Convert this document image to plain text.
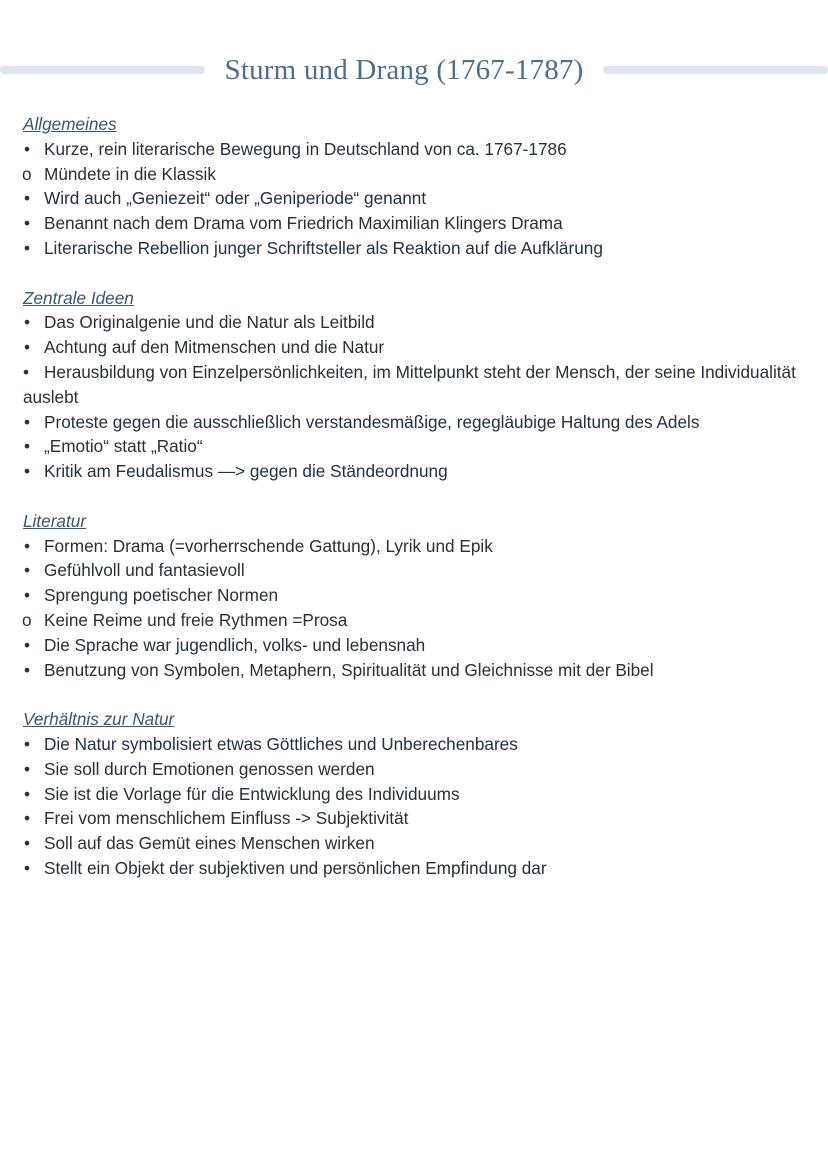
Sturm und Drang (1767-1787)
Allgemeines
• Kurze, rein literarische Bewegung in Deutschland von ca. 1767-1786
o Mündete in die Klassik
• Wird auch „Geniezeit“ oder „Geniperiode“ genannt
• Benannt nach dem Drama vom Friedrich Maximilian Klingers Drama
• Literarische Rebellion junger Schriftsteller als Reaktion auf die Aufklärung
Zentrale Ideen
• Das Originalgenie und die Natur als Leitbild
• Achtung auf den Mitmenschen und die Natur
• Herausbildung von Einzelpersönlichkeiten, im Mittelpunkt steht der Mensch, der seine Individualität auslebt
• Proteste gegen die ausschließlich verstandesmäßige, regegläubige Haltung des Adels
• „Emotio“ statt „Ratio“
• Kritik am Feudalismus —> gegen die Ständeordnung
Literatur
• Formen: Drama (=vorherrschende Gattung), Lyrik und Epik
• Gefühlvoll und fantasievoll
• Sprengung poetischer Normen
o Keine Reime und freie Rythmen =Prosa
• Die Sprache war jugendlich, volks- und lebensnah
• Benutzung von Symbolen, Metaphern, Spiritualität und Gleichnisse mit der Bibel
Verhältnis zur Natur
• Die Natur symbolisiert etwas Göttliches und Unberechenbares
• Sie soll durch Emotionen genossen werden
• Sie ist die Vorlage für die Entwicklung des Individuums
• Frei vom menschlichem Einfluss -> Subjektivität
• Soll auf das Gemüt eines Menschen wirken
• Stellt ein Objekt der subjektiven und persönlichen Empfindung dar
